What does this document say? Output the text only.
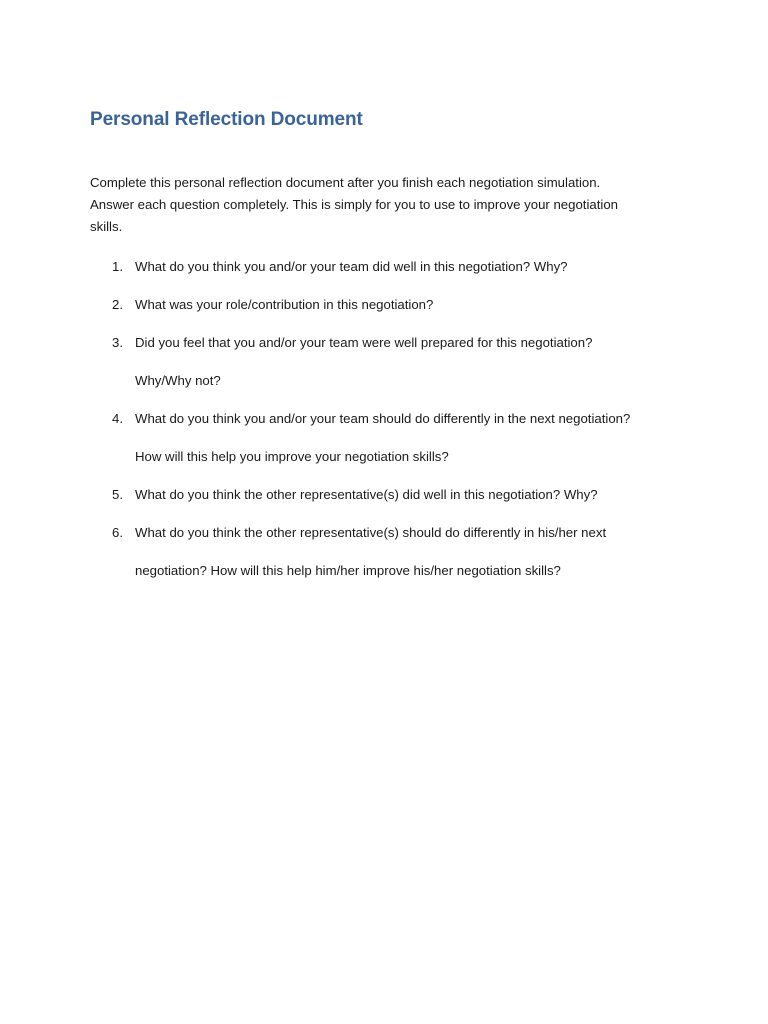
Personal Reflection Document

Complete this personal reflection document after you finish each negotiation simulation.
Answer each question completely. This is simply for you to use to improve your negotiation
skills.

1. What do you think you and/or your team did well in this negotiation? Why?
2. What was your role/contribution in this negotiation?
3. Did you feel that you and/or your team were well prepared for this negotiation?
Why/Why not?
4. What do you think you and/or your team should do differently in the next negotiation?
How will this help you improve your negotiation skills?
5. What do you think the other representative(s) did well in this negotiation? Why?
6. What do you think the other representative(s) should do differently in his/her next
negotiation? How will this help him/her improve his/her negotiation skills?
